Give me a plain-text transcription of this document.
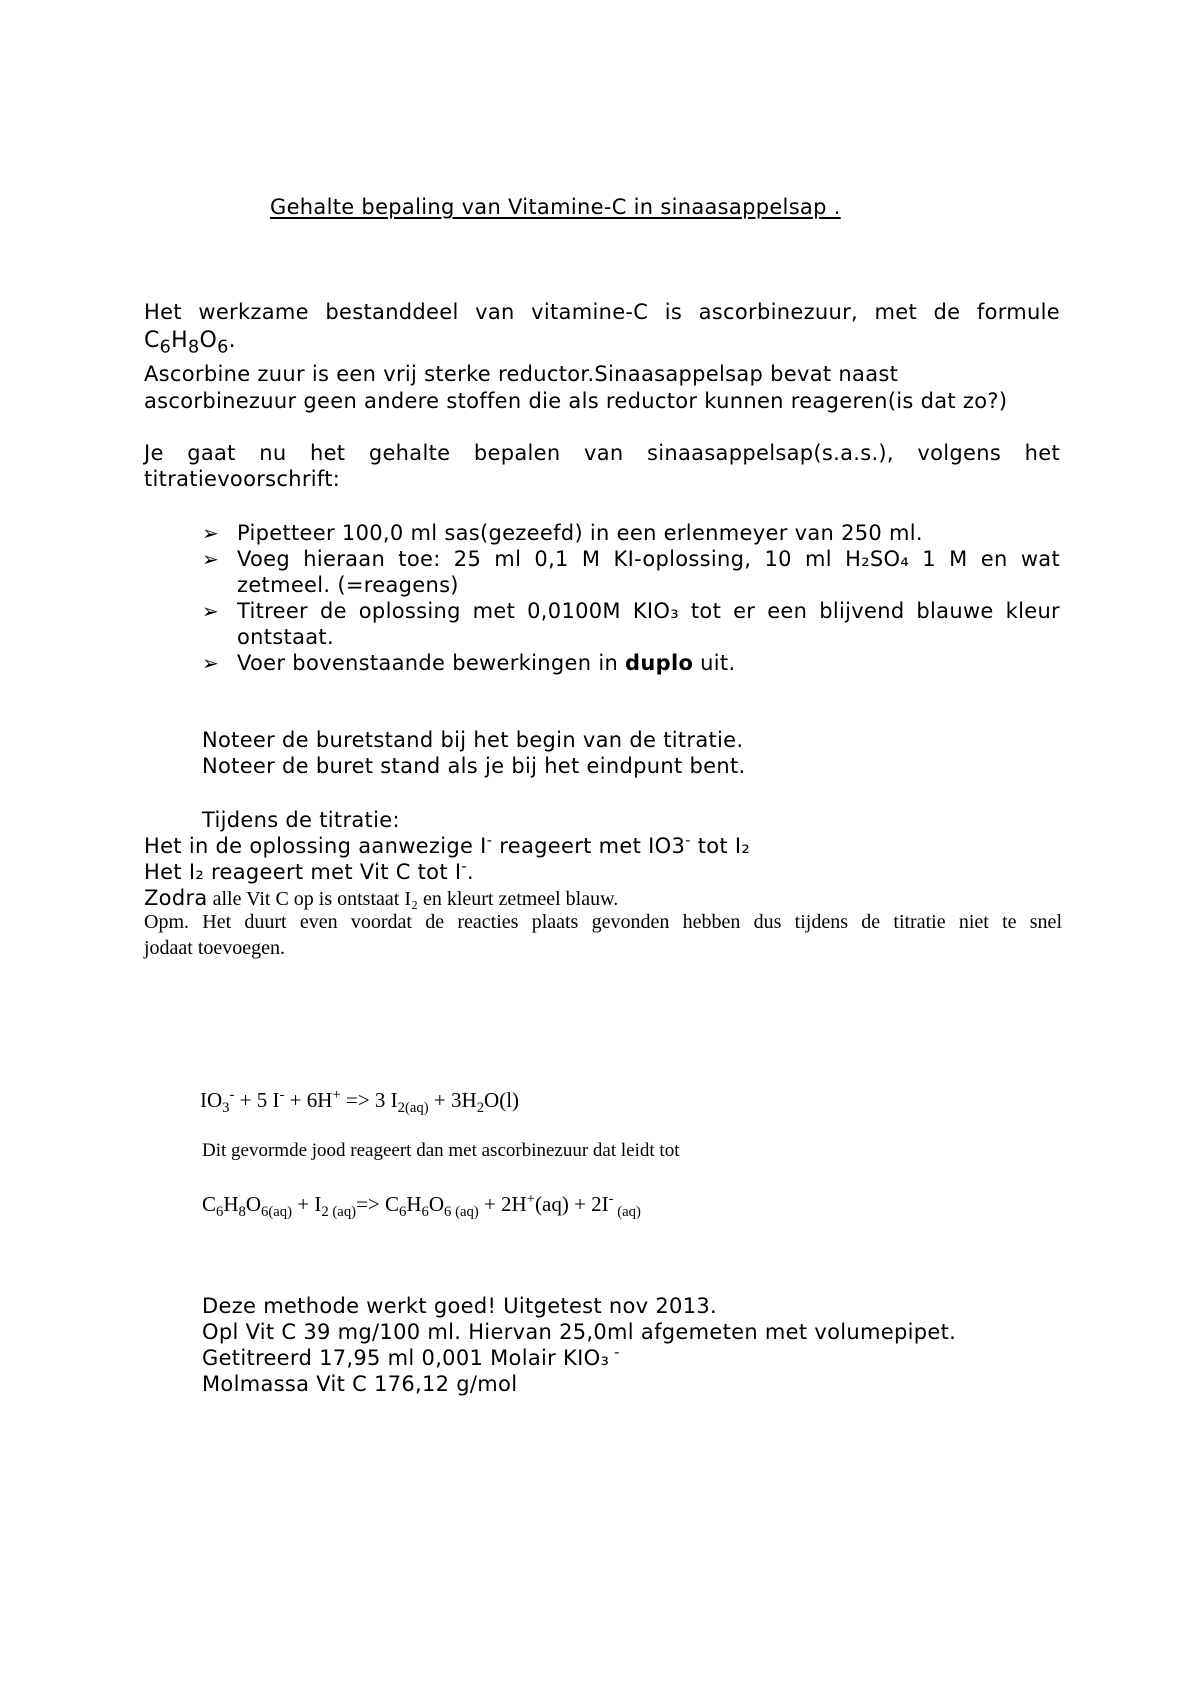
Gehalte bepaling van Vitamine-C in sinaasappelsap .
Het werkzame bestanddeel van vitamine-C is ascorbinezuur, met de formule
$C_6H_8O_6$.
Ascorbine zuur is een vrij sterke reductor.Sinaasappelsap bevat naast
ascorbinezuur geen andere stoffen die als reductor kunnen reageren(is dat zo?)
Je gaat nu het gehalte bepalen van sinaasappelsap(s.a.s.), volgens het
titratievoorschrift:
➢ Pipetteer 100,0 ml sas(gezeefd) in een erlenmeyer van 250 ml.
➢ Voeg hieraan toe: 25 ml 0,1 M KI-oplossing, 10 ml H₂SO₄ 1 M en wat
zetmeel. (=reagens)
➢ Titreer de oplossing met 0,0100M KIO₃ tot er een blijvend blauwe kleur
ontstaat.
➢ Voer bovenstaande bewerkingen in duplo uit.
Noteer de buretstand bij het begin van de titratie.
Noteer de buret stand als je bij het eindpunt bent.
Tijdens de titratie:
Het in de oplossing aanwezige I- reageert met IO3- tot I₂
Het I₂ reageert met Vit C tot I-.
Zodra alle Vit C op is ontstaat I₂ en kleurt zetmeel blauw.
Opm. Het duurt even voordat de reacties plaats gevonden hebben dus tijdens de titratie niet te snel
jodaat toevoegen.
$IO_3^- + 5$ I- + 6H+ => 3 $I_{2(aq)} + 3H_2O(l)$
Dit gevormde jood reageert dan met ascorbinezuur dat leidt tot
$C_6H_8O_{6(aq)} + I_{2 (aq)}=> C_6H_6O_{6 (aq)} + 2H^+(aq) + 2I^-$ $_{(aq)}$
Deze methode werkt goed! Uitgetest nov 2013.
Opl Vit C 39 mg/100 ml. Hiervan 25,0ml afgemeten met volumepipet.
Getitreerd 17,95 ml 0,001 Molair KIO₃ -
Molmassa Vit C 176,12 g/mol
